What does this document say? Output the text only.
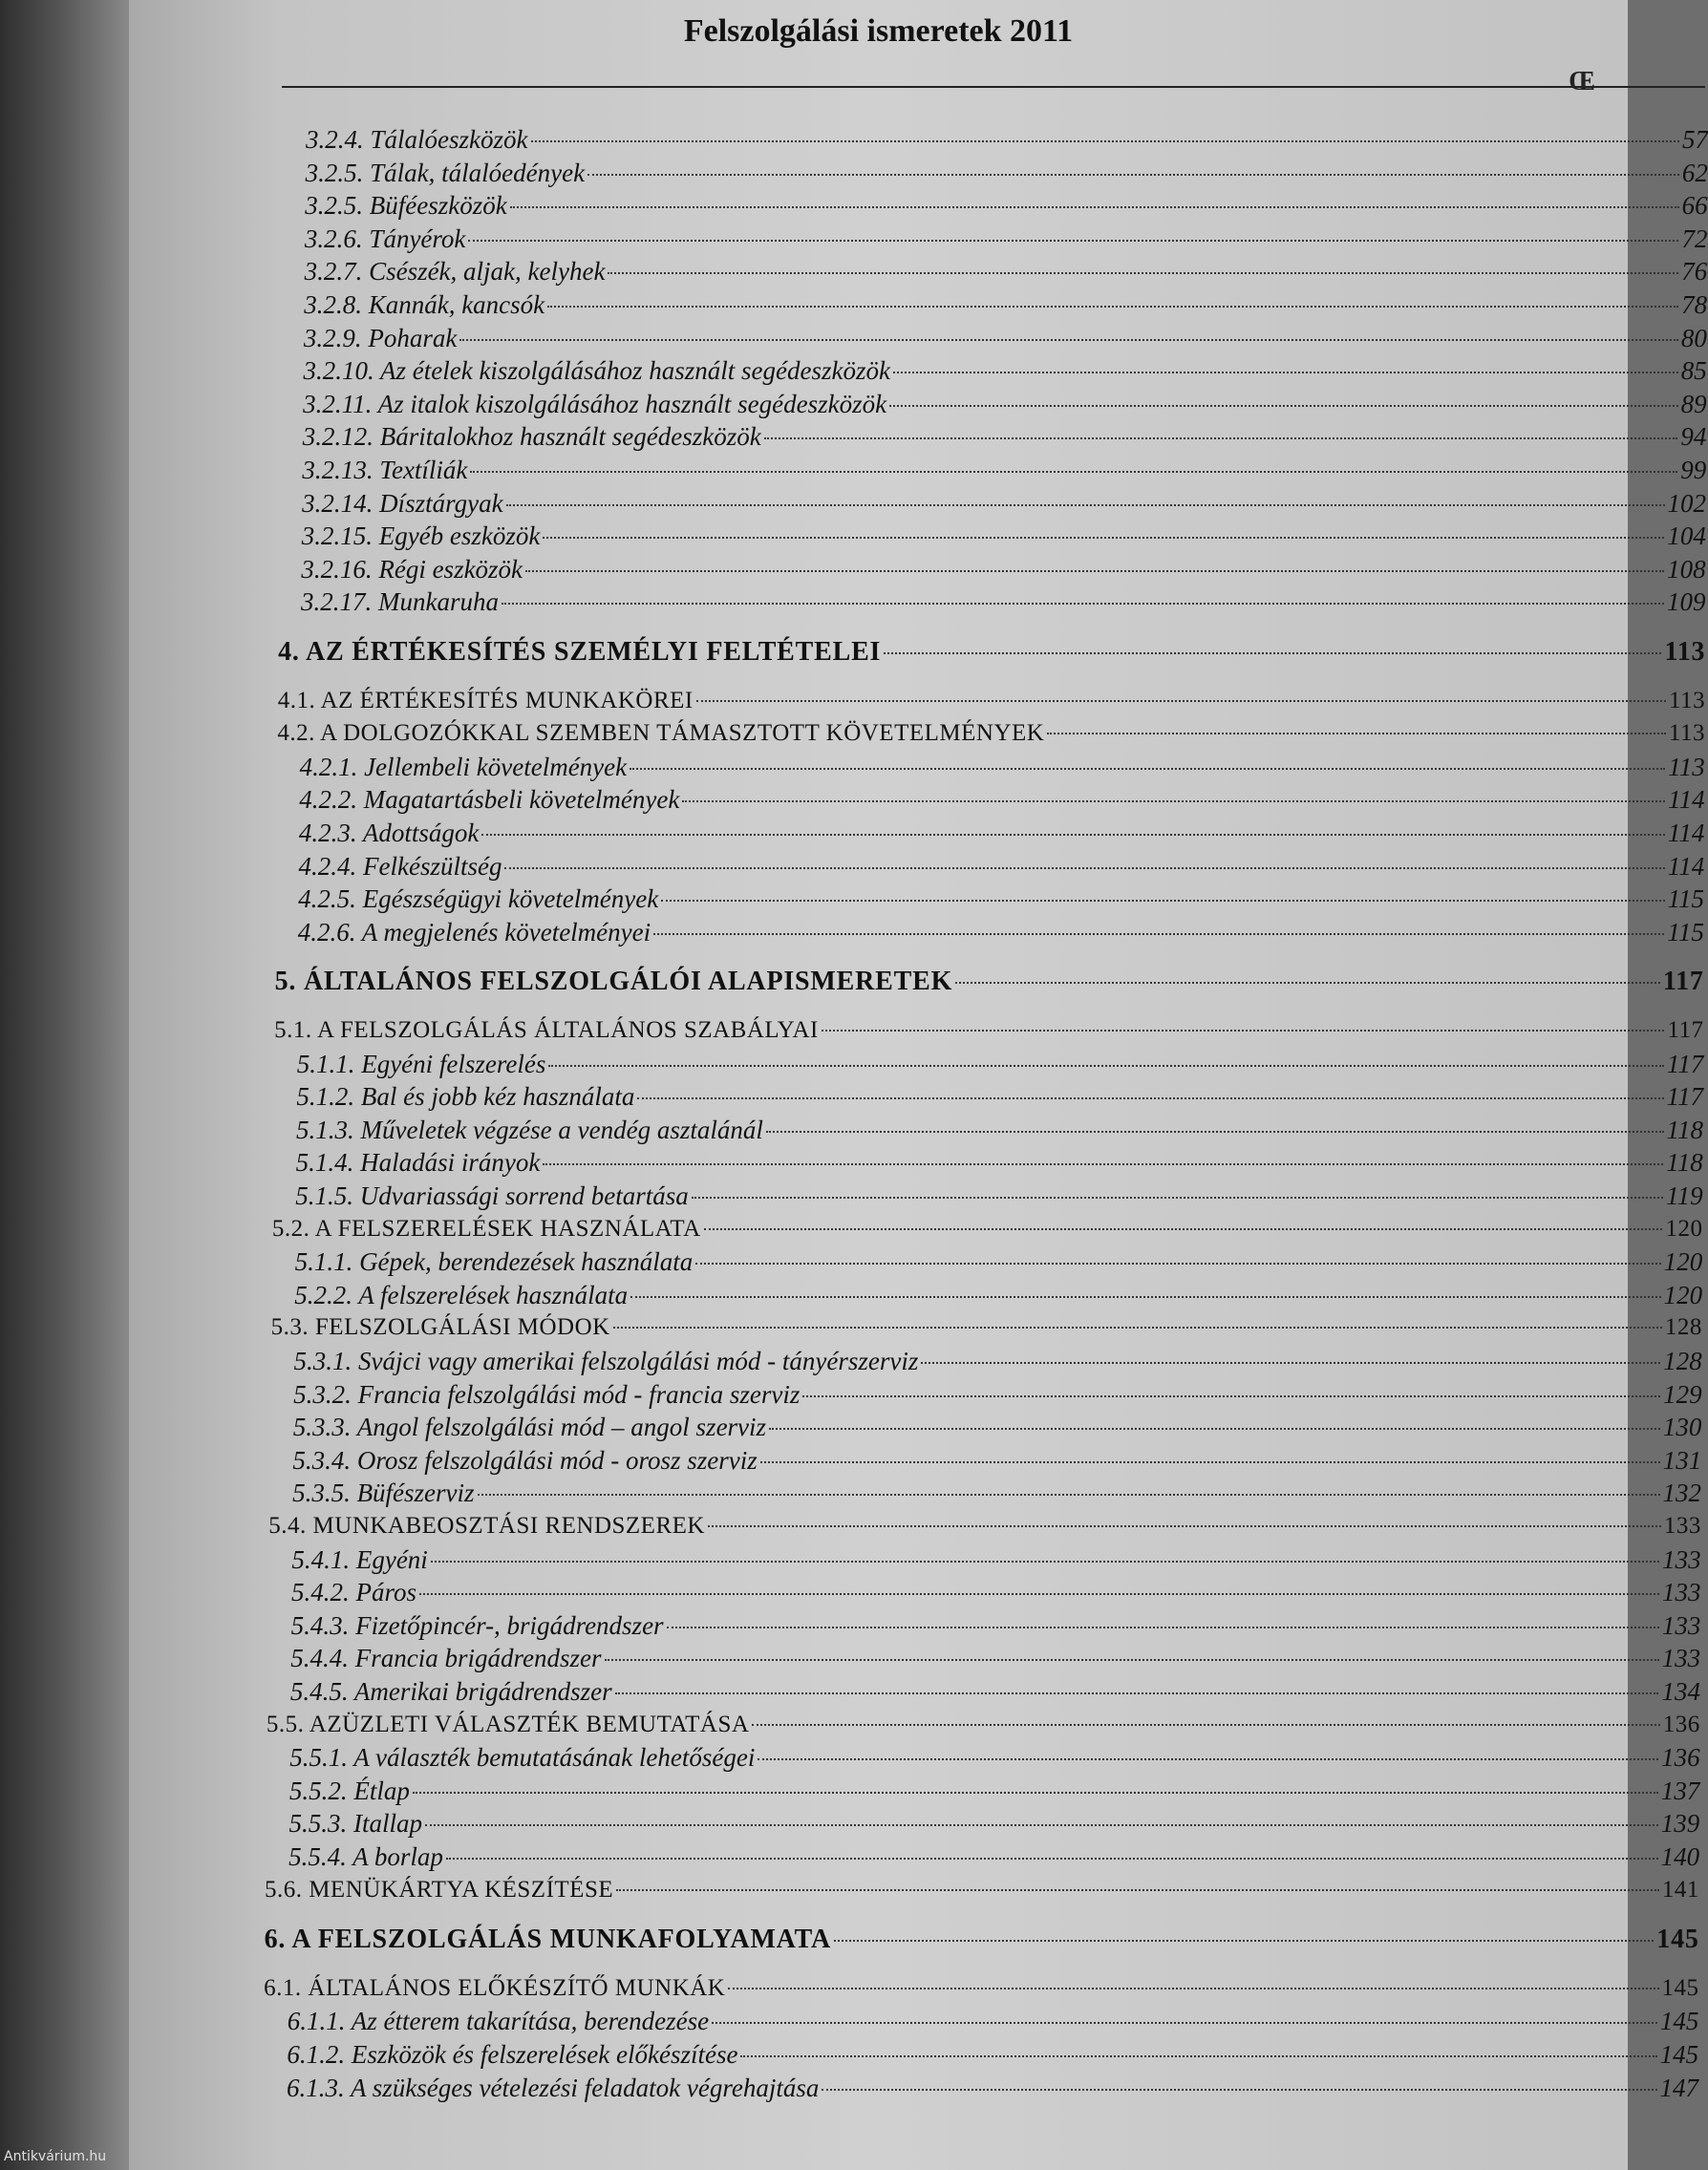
Felszolgálási ismeretek 2011
Œ
3.2.4. Tálalóeszközök	57
3.2.5. Tálak, tálalóedények	62
3.2.5. Büféeszközök	66
3.2.6. Tányérok	72
3.2.7. Csészék, aljak, kelyhek	76
3.2.8. Kannák, kancsók	78
3.2.9. Poharak	80
3.2.10. Az ételek kiszolgálásához használt segédeszközök	85
3.2.11. Az italok kiszolgálásához használt segédeszközök	89
3.2.12. Báritalokhoz használt segédeszközök	94
3.2.13. Textíliák	99
3.2.14. Dísztárgyak	102
3.2.15. Egyéb eszközök	104
3.2.16. Régi eszközök	108
3.2.17. Munkaruha	109
4. AZ ÉRTÉKESÍTÉS SZEMÉLYI FELTÉTELEI	113
4.1. AZ ÉRTÉKESÍTÉS MUNKAKÖREI	113
4.2. A DOLGOZÓKKAL SZEMBEN TÁMASZTOTT KÖVETELMÉNYEK	113
4.2.1. Jellembeli követelmények	113
4.2.2. Magatartásbeli követelmények	114
4.2.3. Adottságok	114
4.2.4. Felkészültség	114
4.2.5. Egészségügyi követelmények	115
4.2.6. A megjelenés követelményei	115
5. ÁLTALÁNOS FELSZOLGÁLÓI ALAPISMERETEK	117
5.1. A FELSZOLGÁLÁS ÁLTALÁNOS SZABÁLYAI	117
5.1.1. Egyéni felszerelés	117
5.1.2. Bal és jobb kéz használata	117
5.1.3. Műveletek végzése a vendég asztalánál	118
5.1.4. Haladási irányok	118
5.1.5. Udvariassági sorrend betartása	119
5.2. A FELSZERELÉSEK HASZNÁLATA	120
5.1.1. Gépek, berendezések használata	120
5.2.2. A felszerelések használata	120
5.3. FELSZOLGÁLÁSI MÓDOK	128
5.3.1. Svájci vagy amerikai felszolgálási mód - tányérszerviz	128
5.3.2. Francia felszolgálási mód - francia szerviz	129
5.3.3. Angol felszolgálási mód – angol szerviz	130
5.3.4. Orosz felszolgálási mód - orosz szerviz	131
5.3.5. Büfészerviz	132
5.4. MUNKABEOSZTÁSI RENDSZEREK	133
5.4.1. Egyéni	133
5.4.2. Páros	133
5.4.3. Fizetőpincér-, brigádrendszer	133
5.4.4. Francia brigádrendszer	133
5.4.5. Amerikai brigádrendszer	134
5.5. AZÜZLETI VÁLASZTÉK BEMUTATÁSA	136
5.5.1. A választék bemutatásának lehetőségei	136
5.5.2. Étlap	137
5.5.3. Itallap	139
5.5.4. A borlap	140
5.6. MENÜKÁRTYA KÉSZÍTÉSE	141
6. A FELSZOLGÁLÁS MUNKAFOLYAMATA	145
6.1. ÁLTALÁNOS ELŐKÉSZÍTŐ MUNKÁK	145
6.1.1. Az étterem takarítása, berendezése	145
6.1.2. Eszközök és felszerelések előkészítése	145
6.1.3. A szükséges vételezési feladatok végrehajtása	147
Antikvárium.hu
